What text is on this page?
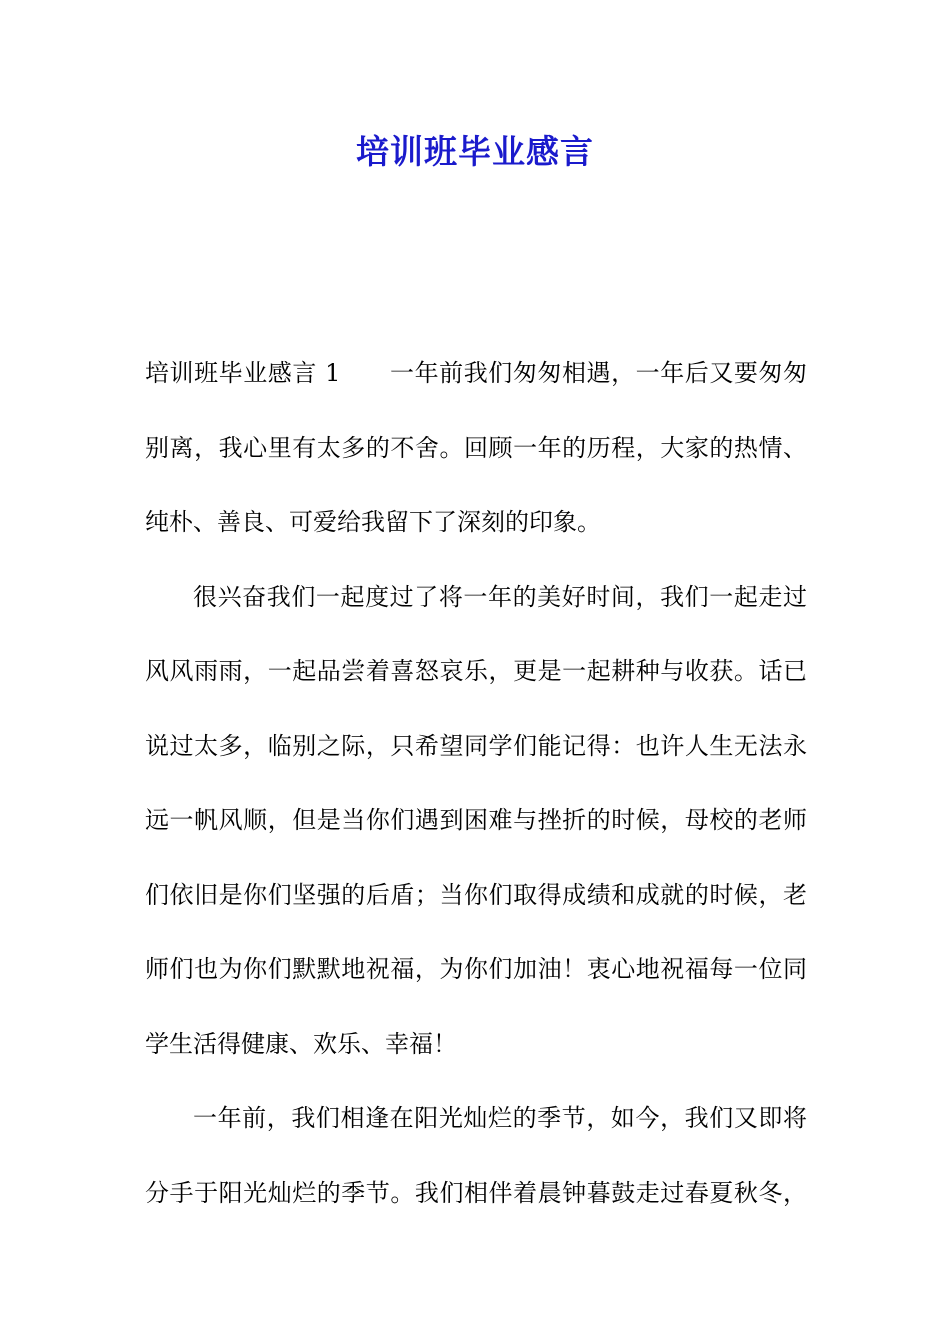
培训班毕业感言
培训班毕业感言 1　　一年前我们匆匆相遇，一年后又要匆匆
别离，我心里有太多的不舍。回顾一年的历程，大家的热情、
纯朴、善良、可爱给我留下了深刻的印象。
很兴奋我们一起度过了将一年的美好时间，我们一起走过
风风雨雨，一起品尝着喜怒哀乐，更是一起耕种与收获。话已
说过太多，临别之际，只希望同学们能记得：也许人生无法永
远一帆风顺，但是当你们遇到困难与挫折的时候，母校的老师
们依旧是你们坚强的后盾；当你们取得成绩和成就的时候，老
师们也为你们默默地祝福，为你们加油！衷心地祝福每一位同
学生活得健康、欢乐、幸福！
一年前，我们相逢在阳光灿烂的季节，如今，我们又即将
分手于阳光灿烂的季节。我们相伴着晨钟暮鼓走过春夏秋冬，
